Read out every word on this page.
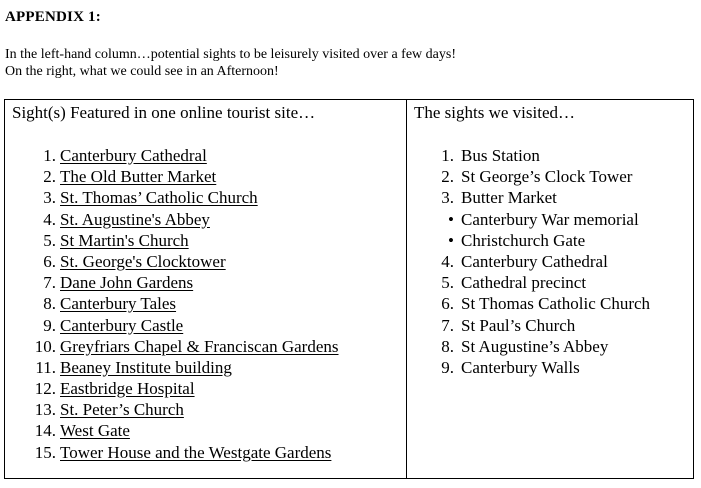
APPENDIX 1:
In the left-hand column…potential sights to be leisurely visited over a few days!
On the right, what we could see in an Afternoon!
Sight(s) Featured in one online tourist site…
1. Canterbury Cathedral
2. The Old Butter Market
3. St. Thomas’ Catholic Church
4. St. Augustine's Abbey
5. St Martin's Church
6. St. George's Clocktower
7. Dane John Gardens
8. Canterbury Tales
9. Canterbury Castle
10. Greyfriars Chapel & Franciscan Gardens
11. Beaney Institute building
12. Eastbridge Hospital
13. St. Peter’s Church
14. West Gate
15. Tower House and the Westgate Gardens
The sights we visited…
1. Bus Station
2. St George’s Clock Tower
3. Butter Market
• Canterbury War memorial
• Christchurch Gate
4. Canterbury Cathedral
5. Cathedral precinct
6. St Thomas Catholic Church
7. St Paul’s Church
8. St Augustine’s Abbey
9. Canterbury Walls
